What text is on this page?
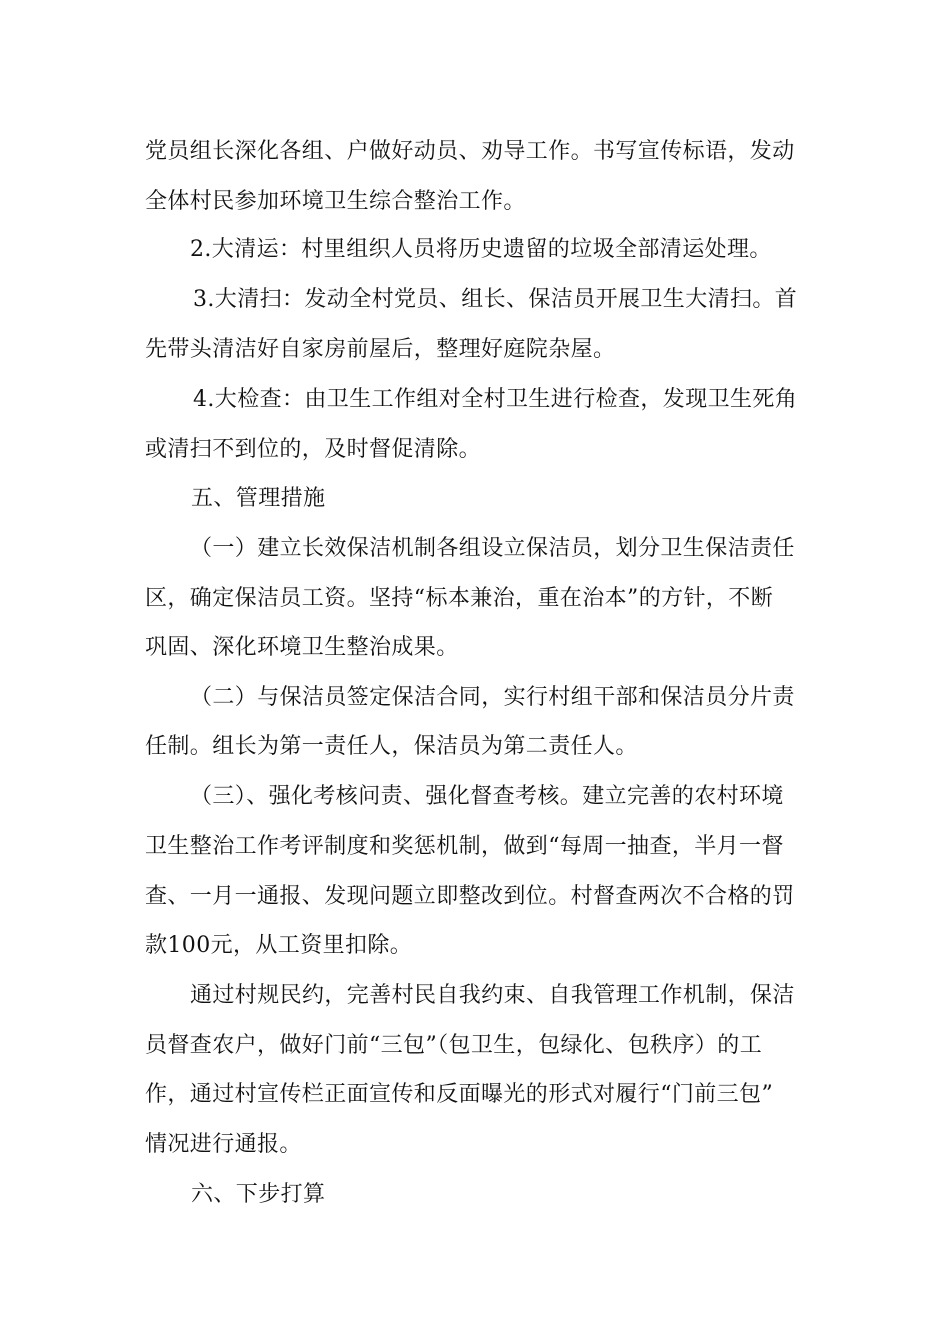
党员组长深化各组、户做好动员、劝导工作。书写宣传标语，发动
全体村民参加环境卫生综合整治工作。
2.大清运：村里组织人员将历史遗留的垃圾全部清运处理。
3.大清扫：发动全村党员、组长、保洁员开展卫生大清扫。首
先带头清洁好自家房前屋后，整理好庭院杂屋。
4.大检查：由卫生工作组对全村卫生进行检查，发现卫生死角
或清扫不到位的，及时督促清除。
五、管理措施
（一）建立长效保洁机制各组设立保洁员，划分卫生保洁责任
区，确定保洁员工资。坚持“标本兼治，重在治本”的方针，不断
巩固、深化环境卫生整治成果。
（二）与保洁员签定保洁合同，实行村组干部和保洁员分片责
任制。组长为第一责任人，保洁员为第二责任人。
（三）、强化考核问责、强化督查考核。建立完善的农村环境
卫生整治工作考评制度和奖惩机制，做到“每周一抽查，半月一督
查、一月一通报、发现问题立即整改到位。村督查两次不合格的罚
款100元，从工资里扣除。
通过村规民约，完善村民自我约束、自我管理工作机制，保洁
员督查农户，做好门前“三包”（包卫生，包绿化、包秩序）的工
作，通过村宣传栏正面宣传和反面曝光的形式对履行“门前三包”
情况进行通报。
六、下步打算
